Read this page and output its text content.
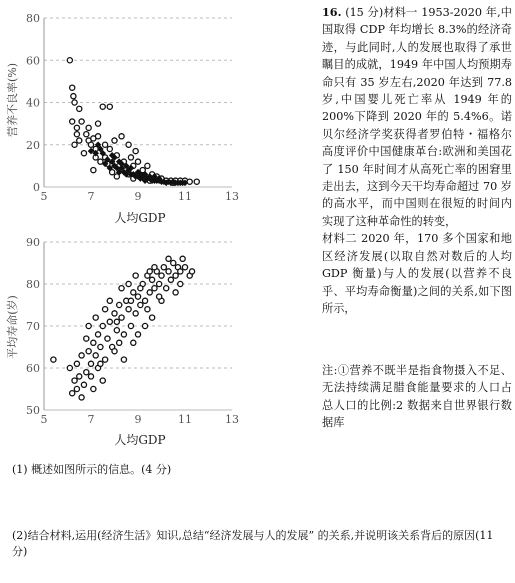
0
20
40
60
80
5	7	9	11	13
人均GDP
营养不良率(%)
50
60
70
80
90
5	7	9	11	13
人均GDP
平均寿命(岁)

16. (15 分)材料一 1953-2020 年,中国取得 CDP 年均增长 8.3%的经济奇迹，与此同时,人的发展也取得了承世瞩目的成就，1949 年中国人均预期寿命只有 35 岁左右,2020 年达到 77.8 岁,中国婴儿死亡率从 1949 年的 200%下降到 2020 年的 5.4%6。诺贝尔经济学奖获得者罗伯特・福格尔高度评价中国健康革台:欧洲和美国花了 150 年时间才从高死亡率的困窘里走出去，这到今天干均寿命超过 70 岁的高水平，而中国则在很短的时间内实现了这种革命性的转变，

材料二 2020 年，170 多个国家和地区经济发展(以取自然对数后的人均 GDP 衡量)与人的发展(以营养不良乎、平均寿命衡量)之间的关系,如下图所示，

注:①营养不既半是指食物摄入不足、无法持续满足腊食能量要求的人口占总人口的比例:2 数据来自世界银行数据库
(1) 概述如图所示的信息。(4 分)
(2)结合材料,运用(经济生活》知识,总结“经济发展与人的发展” 的关系,并说明该关系背后的原因(11 分)
